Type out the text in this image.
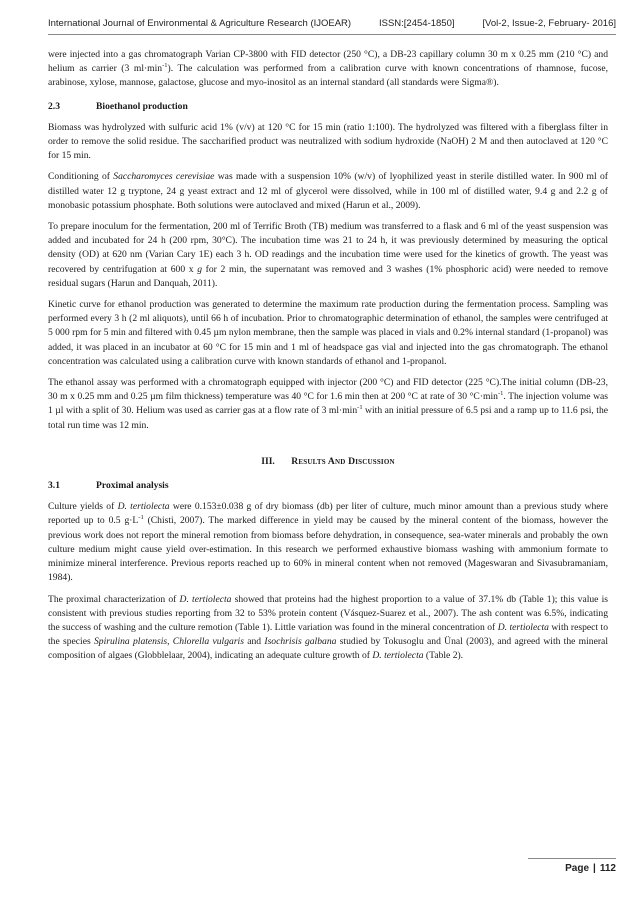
International Journal of Environmental & Agriculture Research (IJOEAR)	ISSN:[2454-1850]	[Vol-2, Issue-2, February- 2016]

were injected into a gas chromatograph Varian CP-3800 with FID detector (250 °C), a DB-23 capillary column 30 m x 0.25 mm (210 °C) and helium as carrier (3 $ml\cdot\min^{-1}$). The calculation was performed from a calibration curve with known concentrations of rhamnose, fucose, arabinose, xylose, mannose, galactose, glucose and myo-inositol as an internal standard (all standards were Sigma®).

2.3	Bioethanol production

Biomass was hydrolyzed with sulfuric acid 1% (v/v) at 120 °C for 15 min (ratio 1:100). The hydrolyzed was filtered with a fiberglass filter in order to remove the solid residue. The saccharified product was neutralized with sodium hydroxide (NaOH) 2 M and then autoclaved at 120 °C for 15 min.

Conditioning of Saccharomyces cerevisiae was made with a suspension 10% (w/v) of lyophilized yeast in sterile distilled water. In 900 ml of distilled water 12 g tryptone, 24 g yeast extract and 12 ml of glycerol were dissolved, while in 100 ml of distilled water, 9.4 g and 2.2 g of monobasic potassium phosphate. Both solutions were autoclaved and mixed (Harun et al., 2009).

To prepare inoculum for the fermentation, 200 ml of Terrific Broth (TB) medium was transferred to a flask and 6 ml of the yeast suspension was added and incubated for 24 h (200 rpm, 30°C). The incubation time was 21 to 24 h, it was previously determined by measuring the optical density (OD) at 620 nm (Varian Cary 1E) each 3 h. OD readings and the incubation time were used for the kinetics of growth. The yeast was recovered by centrifugation at 600 x g for 2 min, the supernatant was removed and 3 washes (1% phosphoric acid) were needed to remove residual sugars (Harun and Danquah, 2011).

Kinetic curve for ethanol production was generated to determine the maximum rate production during the fermentation process. Sampling was performed every 3 h (2 ml aliquots), until 66 h of incubation. Prior to chromatographic determination of ethanol, the samples were centrifuged at 5 000 rpm for 5 min and filtered with 0.45 µm nylon membrane, then the sample was placed in vials and 0.2% internal standard (1-propanol) was added, it was placed in an incubator at 60 °C for 15 min and 1 ml of headspace gas vial and injected into the gas chromatograph. The ethanol concentration was calculated using a calibration curve with known standards of ethanol and 1-propanol.

The ethanol assay was performed with a chromatograph equipped with injector (200 °C) and FID detector (225 °C).The initial column (DB-23, 30 m x 0.25 mm and 0.25 µm film thickness) temperature was 40 °C for 1.6 min then at 200 °C at rate of 30 $^\circ C\cdot\min^{-1}$. The injection volume was 1 µl with a split of 30. Helium was used as carrier gas at a flow rate of 3 $ml\cdot\min^{-1}$ with an initial pressure of 6.5 psi and a ramp up to 11.6 psi, the total run time was 12 min.

III. Results And Discussion
3.1	Proximal analysis

Culture yields of D. tertiolecta were 0.153±0.038 g of dry biomass (db) per liter of culture, much minor amount than a previous study where reported up to 0.5 $g\cdot L^{-1}$ (Chisti, 2007). The marked difference in yield may be caused by the mineral content of the biomass, however the previous work does not report the mineral remotion from biomass before dehydration, in consequence, sea-water minerals and probably the own culture medium might cause yield over-estimation. In this research we performed exhaustive biomass washing with ammonium formate to minimize mineral interference. Previous reports reached up to 60% in mineral content when not removed (Mageswaran and Sivasubramaniam, 1984).

The proximal characterization of D. tertiolecta showed that proteins had the highest proportion to a value of 37.1% db (Table 1); this value is consistent with previous studies reporting from 32 to 53% protein content (Vásquez-Suarez et al., 2007). The ash content was 6.5%, indicating the success of washing and the culture remotion (Table 1). Little variation was found in the mineral concentration of D. tertiolecta with respect to the species Spirulina platensis, Chlorella vulgaris and Isochrisis galbana studied by Tokusoglu and Ünal (2003), and agreed with the mineral composition of algaes (Globblelaar, 2004), indicating an adequate culture growth of D. tertiolecta (Table 2).

Page | 112
